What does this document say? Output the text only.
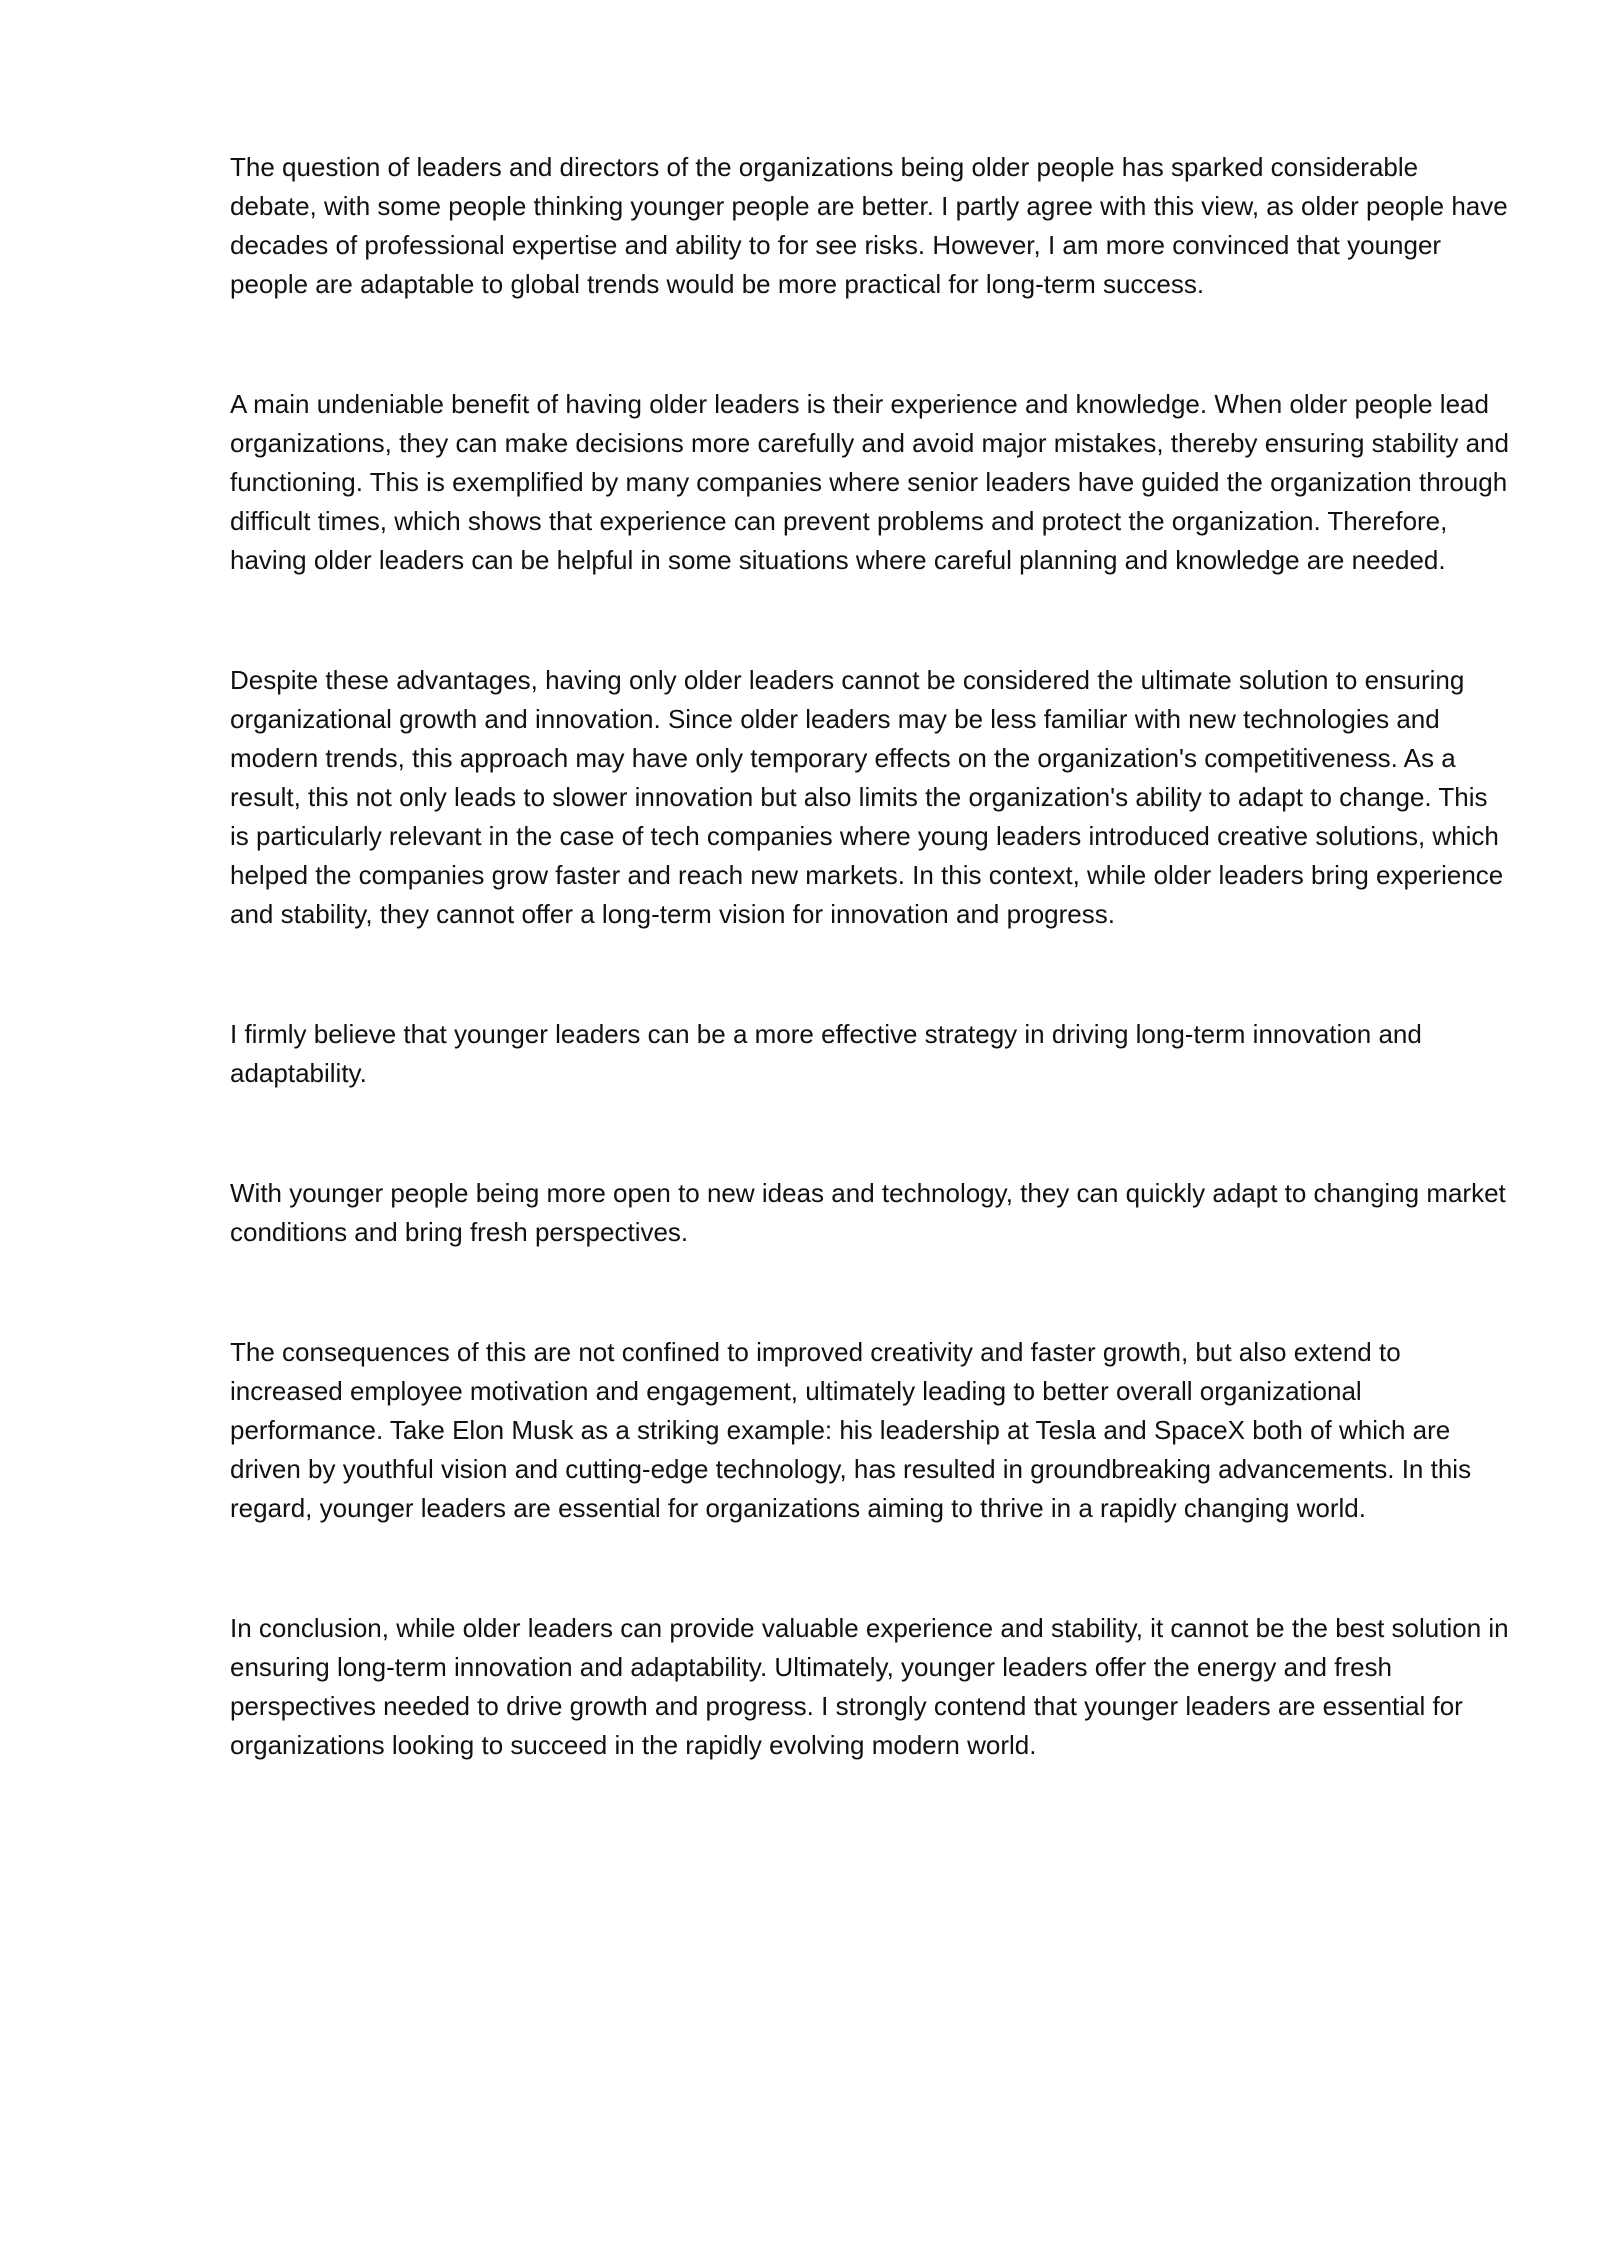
The question of leaders and directors of the organizations being older people has sparked considerable debate, with some people thinking younger people are better. I partly agree with this view, as older people have decades of professional expertise and ability to for see risks. However, I am more convinced that younger people are adaptable to global trends would be more practical for long-term success.

A main undeniable benefit of having older leaders is their experience and knowledge. When older people lead organizations, they can make decisions more carefully and avoid major mistakes, thereby ensuring stability and functioning. This is exemplified by many companies where senior leaders have guided the organization through difficult times, which shows that experience can prevent problems and protect the organization. Therefore, having older leaders can be helpful in some situations where careful planning and knowledge are needed.

Despite these advantages, having only older leaders cannot be considered the ultimate solution to ensuring organizational growth and innovation. Since older leaders may be less familiar with new technologies and modern trends, this approach may have only temporary effects on the organization's competitiveness. As a result, this not only leads to slower innovation but also limits the organization's ability to adapt to change. This is particularly relevant in the case of tech companies where young leaders introduced creative solutions, which helped the companies grow faster and reach new markets. In this context, while older leaders bring experience and stability, they cannot offer a long-term vision for innovation and progress.

I firmly believe that younger leaders can be a more effective strategy in driving long-term innovation and adaptability.

With younger people being more open to new ideas and technology, they can quickly adapt to changing market conditions and bring fresh perspectives.

The consequences of this are not confined to improved creativity and faster growth, but also extend to increased employee motivation and engagement, ultimately leading to better overall organizational performance. Take Elon Musk as a striking example: his leadership at Tesla and SpaceX both of which are driven by youthful vision and cutting-edge technology, has resulted in groundbreaking advancements. In this regard, younger leaders are essential for organizations aiming to thrive in a rapidly changing world.

In conclusion, while older leaders can provide valuable experience and stability, it cannot be the best solution in ensuring long-term innovation and adaptability. Ultimately, younger leaders offer the energy and fresh perspectives needed to drive growth and progress. I strongly contend that younger leaders are essential for organizations looking to succeed in the rapidly evolving modern world.
